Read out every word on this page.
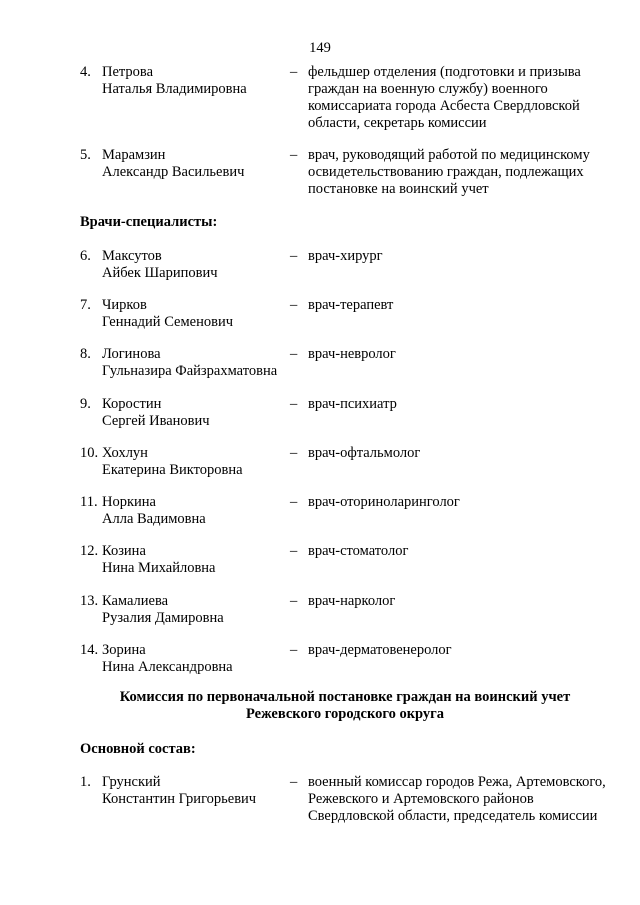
149
4. Петрова
Наталья Владимировна
– фельдшер отделения (подготовки и призыва
граждан на военную службу) военного
комиссариата города Асбеста Свердловской
области, секретарь комиссии
5. Марамзин
Александр Васильевич
– врач, руководящий работой по медицинскому
освидетельствованию граждан, подлежащих
постановке на воинский учет
Врачи-специалисты:
6. Максутов
Айбек Шарипович
– врач-хирург
7. Чирков
Геннадий Семенович
– врач-терапевт
8. Логинова
Гульназира Файзрахматовна
– врач-невролог
9. Коростин
Сергей Иванович
– врач-психиатр
10. Хохлун
Екатерина Викторовна
– врач-офтальмолог
11. Норкина
Алла Вадимовна
– врач-оториноларинголог
12. Козина
Нина Михайловна
– врач-стоматолог
13. Камалиева
Рузалия Дамировна
– врач-нарколог
14. Зорина
Нина Александровна
– врач-дерматовенеролог
Комиссия по первоначальной постановке граждан на воинский учет
Режевского городского округа
Основной состав:
1. Грунский
Константин Григорьевич
– военный комиссар городов Режа, Артемовского,
Режевского и Артемовского районов
Свердловской области, председатель комиссии
